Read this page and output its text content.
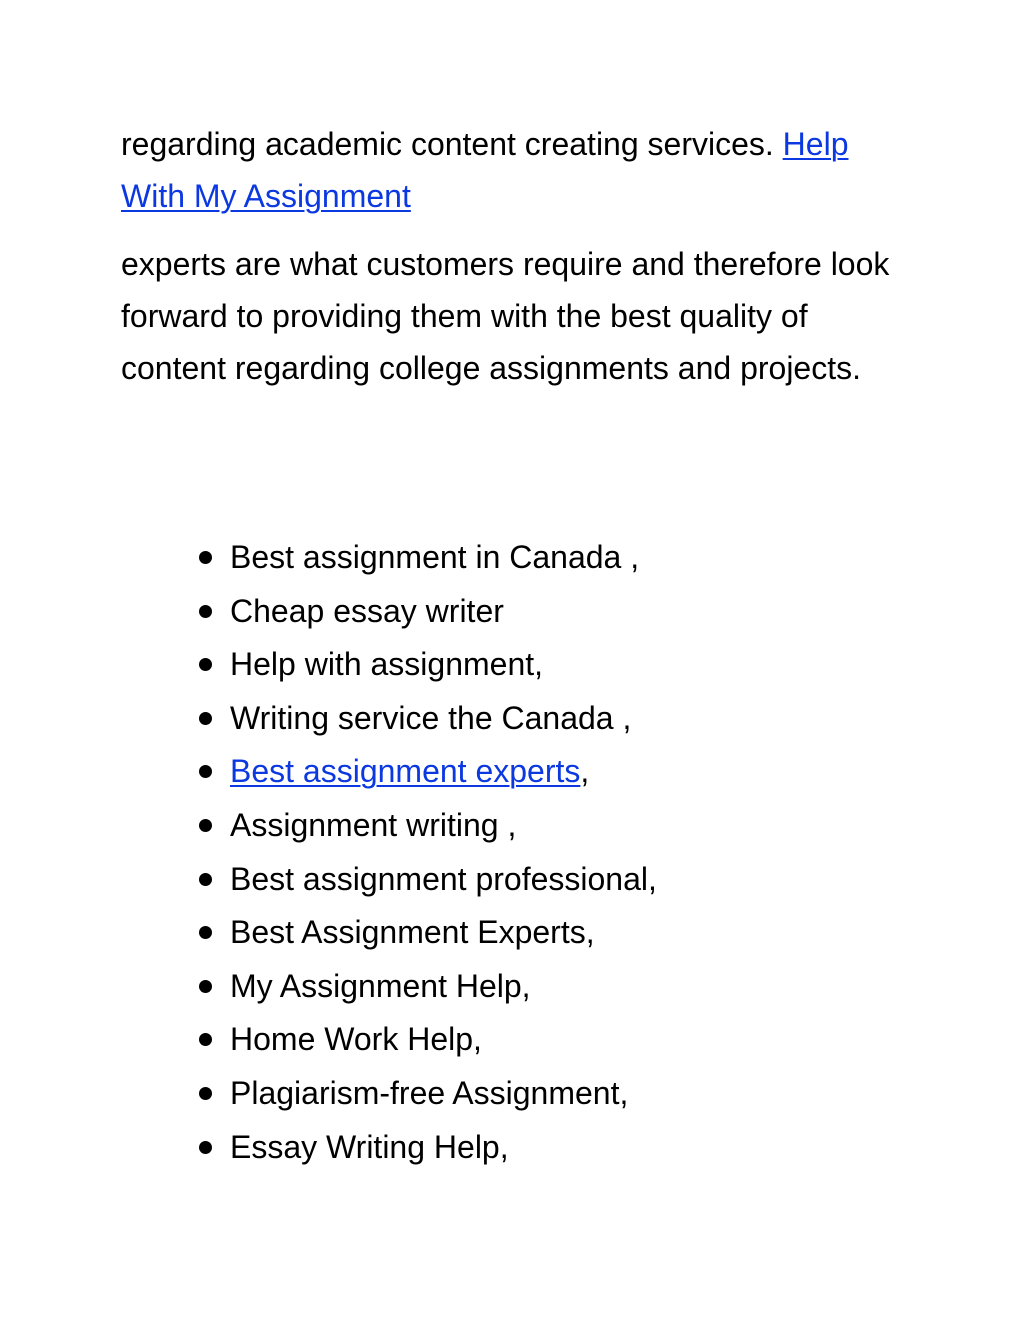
regarding academic content creating services. Help With My Assignment

experts are what customers require and therefore look forward to providing them with the best quality of content regarding college assignments and projects.

Best assignment in Canada ,
Cheap essay writer
Help with assignment,
Writing service the Canada ,
Best assignment experts,
Assignment writing ,
Best assignment professional,
Best Assignment Experts,
My Assignment Help,
Home Work Help,
Plagiarism-free Assignment,
Essay Writing Help,
